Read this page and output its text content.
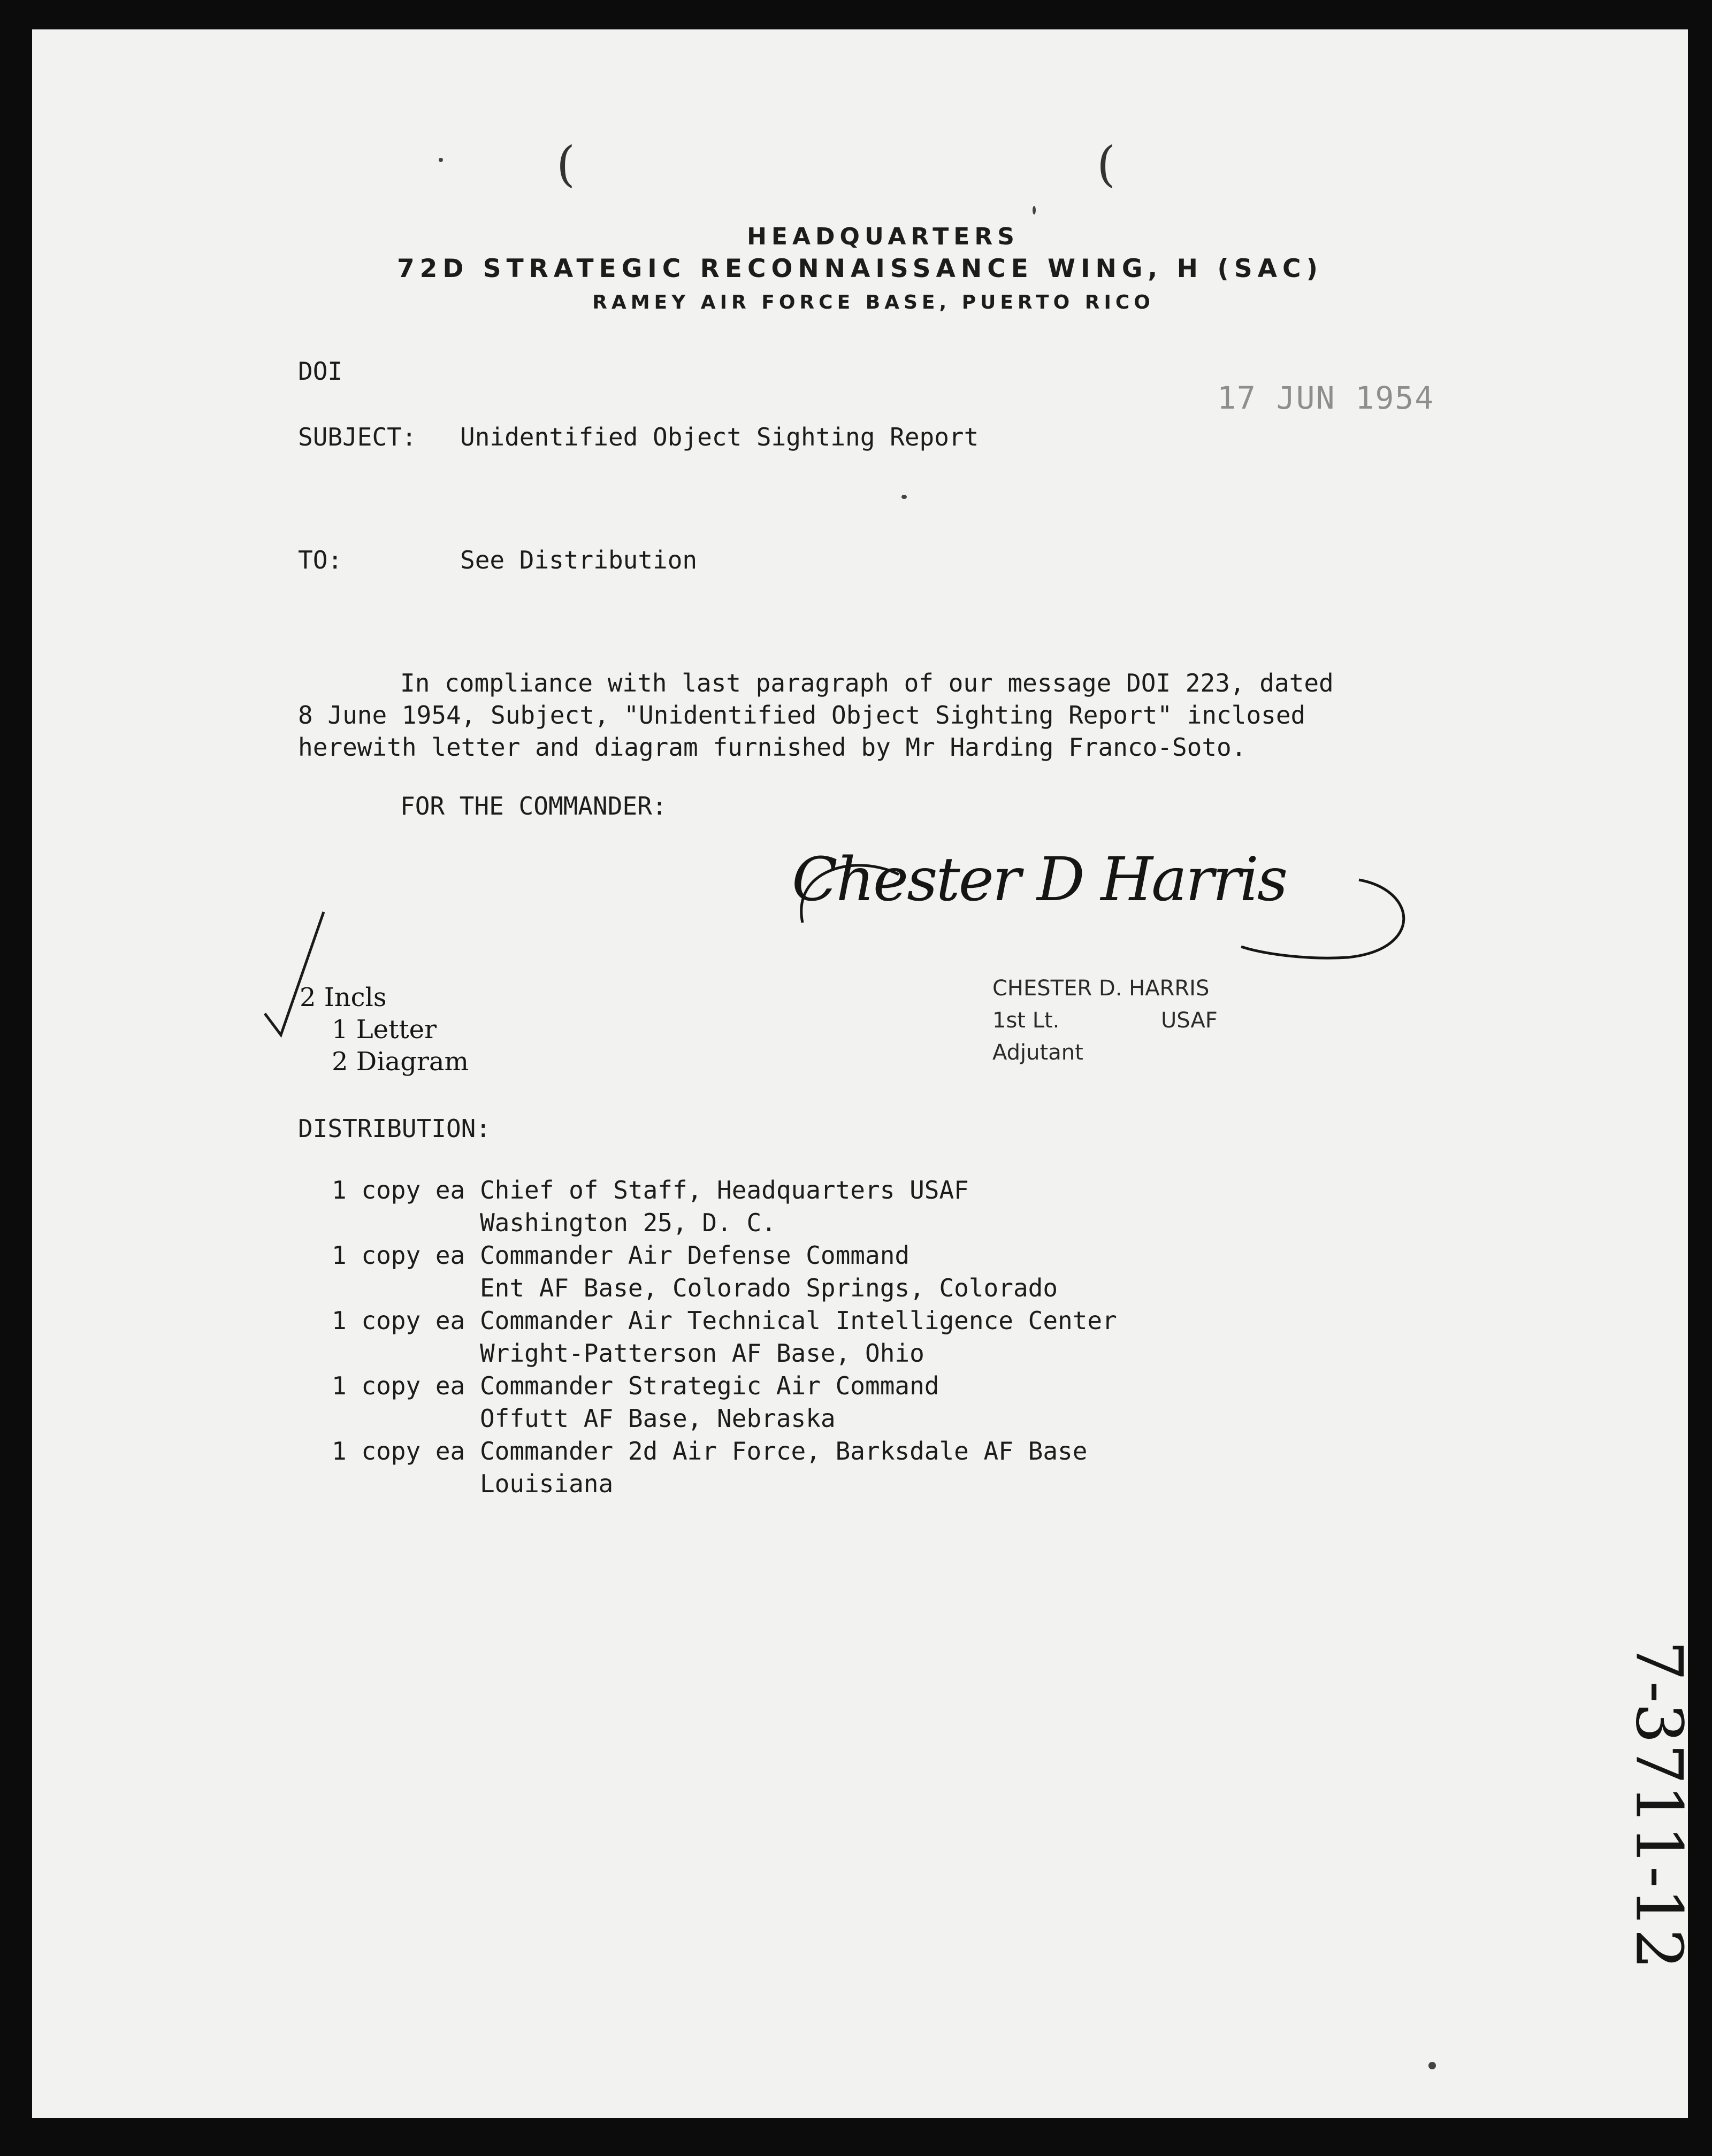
(	(
HEADQUARTERS
72D STRATEGIC RECONNAISSANCE WING, H (SAC)
RAMEY AIR FORCE BASE, PUERTO RICO
DOI
17 JUN 1954
SUBJECT: Unidentified Object Sighting Report
TO:	See Distribution
In compliance with last paragraph of our message DOI 223, dated
8 June 1954, Subject, "Unidentified Object Sighting Report" inclosed
herewith letter and diagram furnished by Mr Harding Franco-Soto.
FOR THE COMMANDER:
Chester D Harris
CHESTER D. HARRIS
1st Lt.	USAF
Adjutant
2 Incls
1 Letter
2 Diagram
DISTRIBUTION:
1 copy ea Chief of Staff, Headquarters USAF
Washington 25, D. C.
1 copy ea Commander Air Defense Command
Ent AF Base, Colorado Springs, Colorado
1 copy ea Commander Air Technical Intelligence Center
Wright-Patterson AF Base, Ohio
1 copy ea Commander Strategic Air Command
Offutt AF Base, Nebraska
1 copy ea Commander 2d Air Force, Barksdale AF Base
Louisiana
7-3711-12
